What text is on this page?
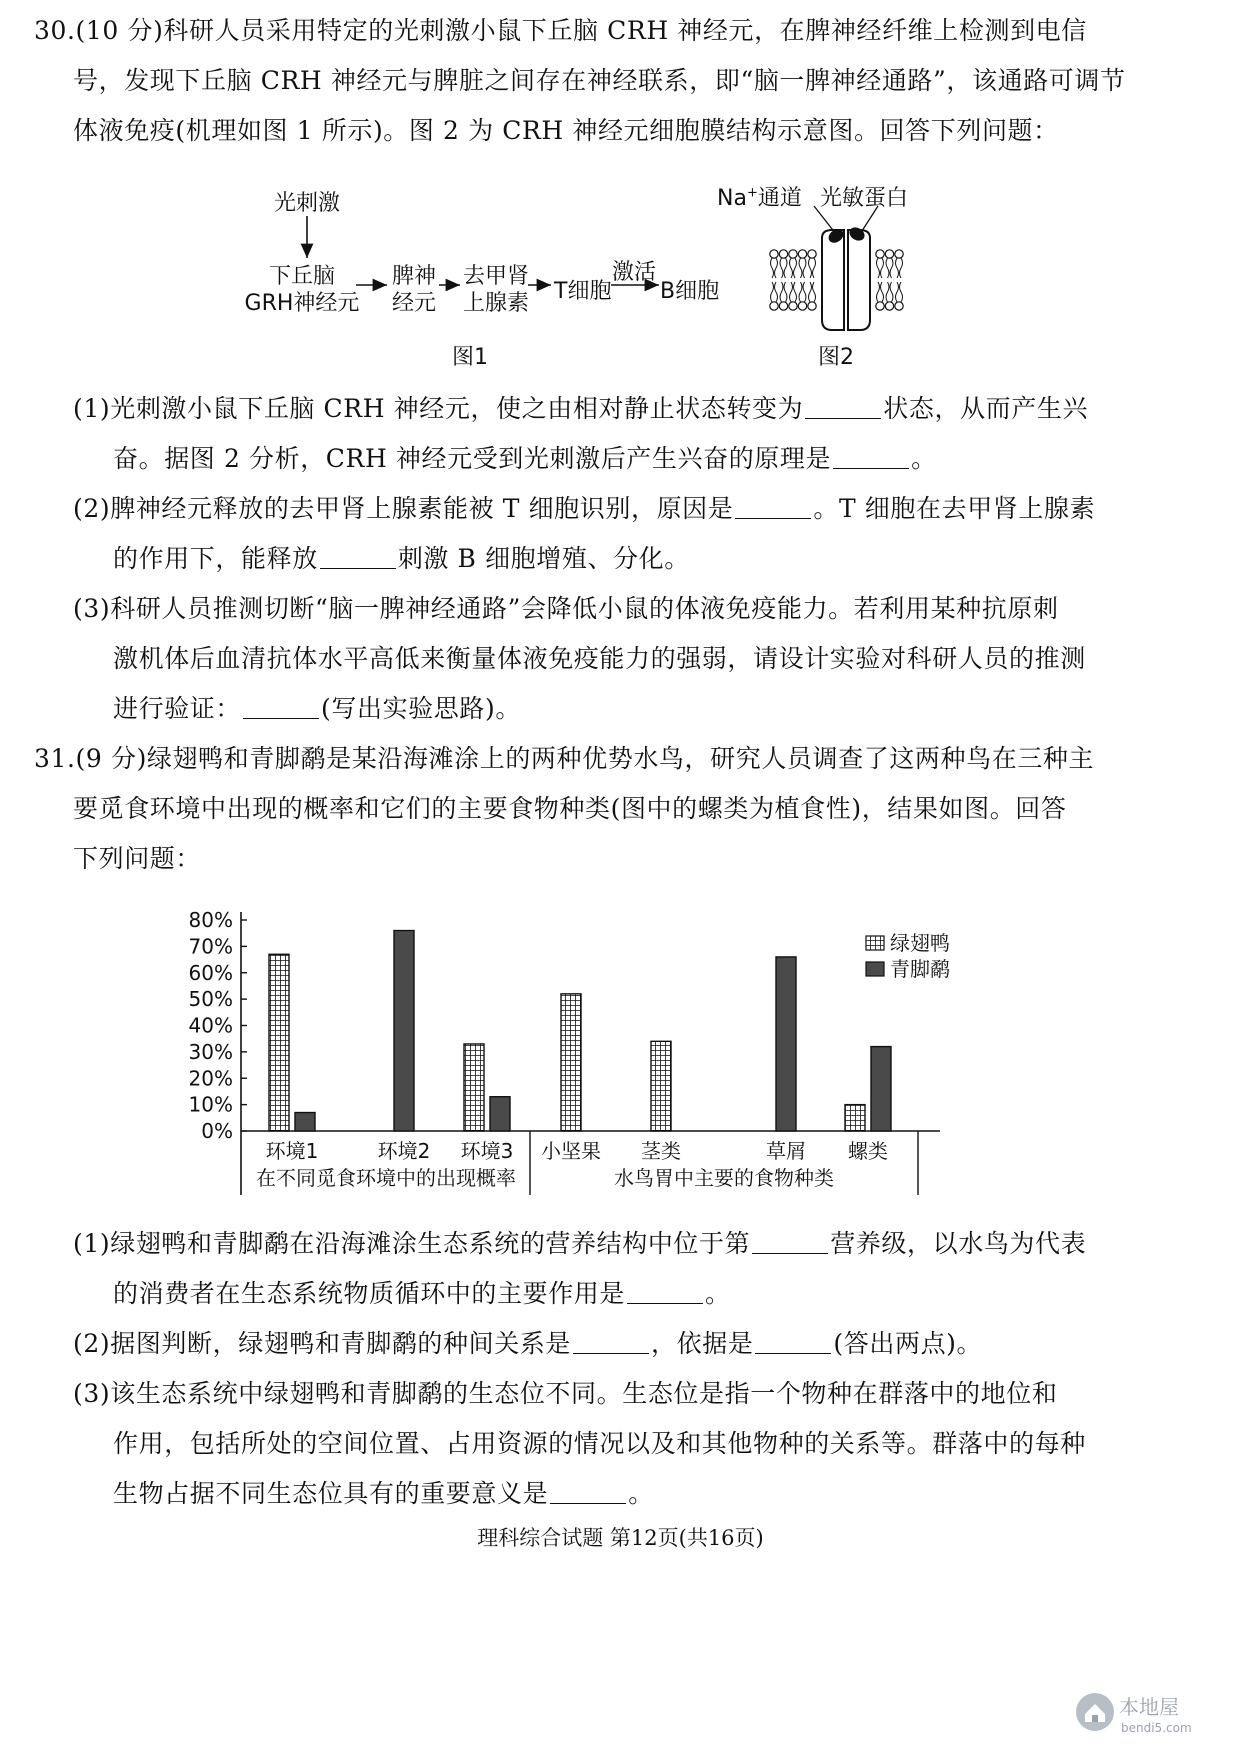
30.(10 分)科研人员采用特定的光刺激小鼠下丘脑 CRH 神经元，在脾神经纤维上检测到电信
号，发现下丘脑 CRH 神经元与脾脏之间存在神经联系，即“脑一脾神经通路”，该通路可调节
体液免疫(机理如图 1 所示)。图 2 为 CRH 神经元细胞膜结构示意图。回答下列问题：
光刺激
下丘脑
GRH神经元
脾神
经元
去甲肾
上腺素 T细胞
激活
B细胞
图1
Na+通道 光敏蛋白
图2
(1)光刺激小鼠下丘脑 CRH 神经元，使之由相对静止状态转变为	状态，从而产生兴
奋。据图 2 分析，CRH 神经元受到光刺激后产生兴奋的原理是	。
(2)脾神经元释放的去甲肾上腺素能被 T 细胞识别，原因是	。T 细胞在去甲肾上腺素
的作用下，能释放	刺激 B 细胞增殖、分化。
(3)科研人员推测切断“脑一脾神经通路”会降低小鼠的体液免疫能力。若利用某种抗原刺
激机体后血清抗体水平高低来衡量体液免疫能力的强弱，请设计实验对科研人员的推测
进行验证：	(写出实验思路)。
31.(9 分)绿翅鸭和青脚鹬是某沿海滩涂上的两种优势水鸟，研究人员调查了这两种鸟在三种主
要觅食环境中出现的概率和它们的主要食物种类(图中的螺类为植食性)，结果如图。回答
下列问题：
80%
70%
60%
50%
40%
30%
20%
10%
0%
环境1	环境2 环境3 小坚果 茎类	草屑 螺类
在不同觅食环境中的出现概率	水鸟胃中主要的食物种类
绿翅鸭
青脚鹬
(1)绿翅鸭和青脚鹬在沿海滩涂生态系统的营养结构中位于第	营养级，以水鸟为代表
的消费者在生态系统物质循环中的主要作用是	。
(2)据图判断，绿翅鸭和青脚鹬的种间关系是	，依据是	(答出两点)。
(3)该生态系统中绿翅鸭和青脚鹬的生态位不同。生态位是指一个物种在群落中的地位和
作用，包括所处的空间位置、占用资源的情况以及和其他物种的关系等。群落中的每种
生物占据不同生态位具有的重要意义是	。
理科综合试题 第12页(共16页)
本地屋
bendi5.com
